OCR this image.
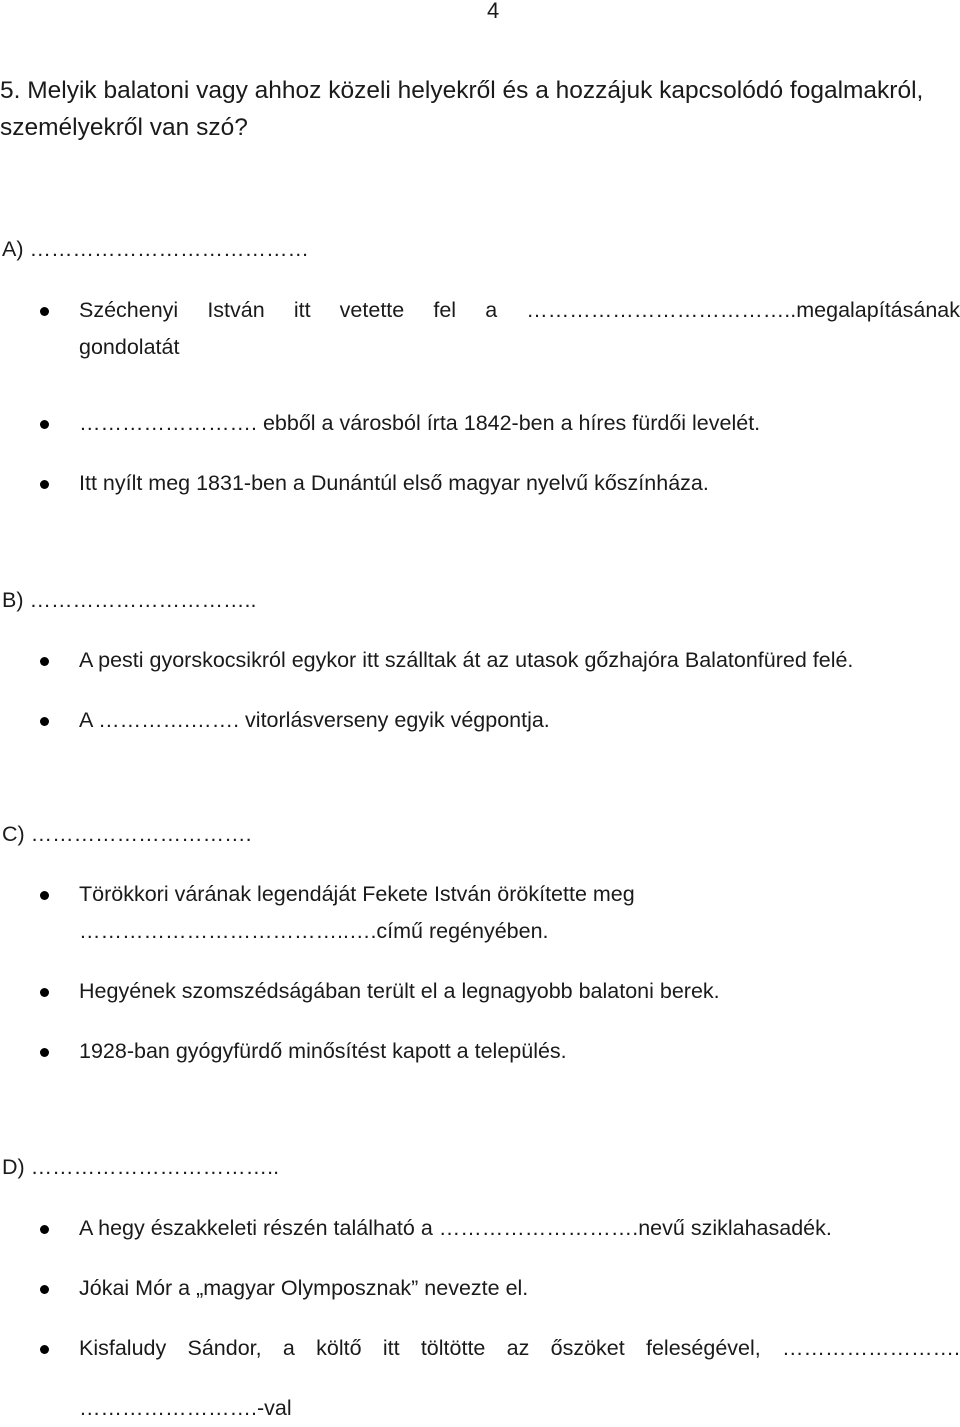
4
5. Melyik balatoni vagy ahhoz közeli helyekről és a hozzájuk kapcsolódó fogalmakról, személyekről van szó?
A) …………………………………
Széchenyi István itt vetette fel a ………………………………..megalapításának
gondolatát
……………………. ebből a városból írta 1842-ben a híres fürdői levelét.
Itt nyílt meg 1831-ben a Dunántúl első magyar nyelvű kőszínháza.
B) …………………………..
A pesti gyorskocsikról egykor itt szálltak át az utasok gőzhajóra Balatonfüred felé.
A ………….……. vitorlásverseny egyik végpontja.
C) ………………………….
Törökkori várának legendáját Fekete István örökítette meg
………………………………..….című regényében.
Hegyének szomszédságában terült el a legnagyobb balatoni berek.
1928-ban gyógyfürdő minősítést kapott a település.
D) ……………………………..
A hegy északkeleti részén található a ……………………….nevű sziklahasadék.
Jókai Mór a „magyar Olymposznak” nevezte el.
Kisfaludy Sándor, a költő itt töltötte az őszöket feleségével, …………………….
…………………….-val
